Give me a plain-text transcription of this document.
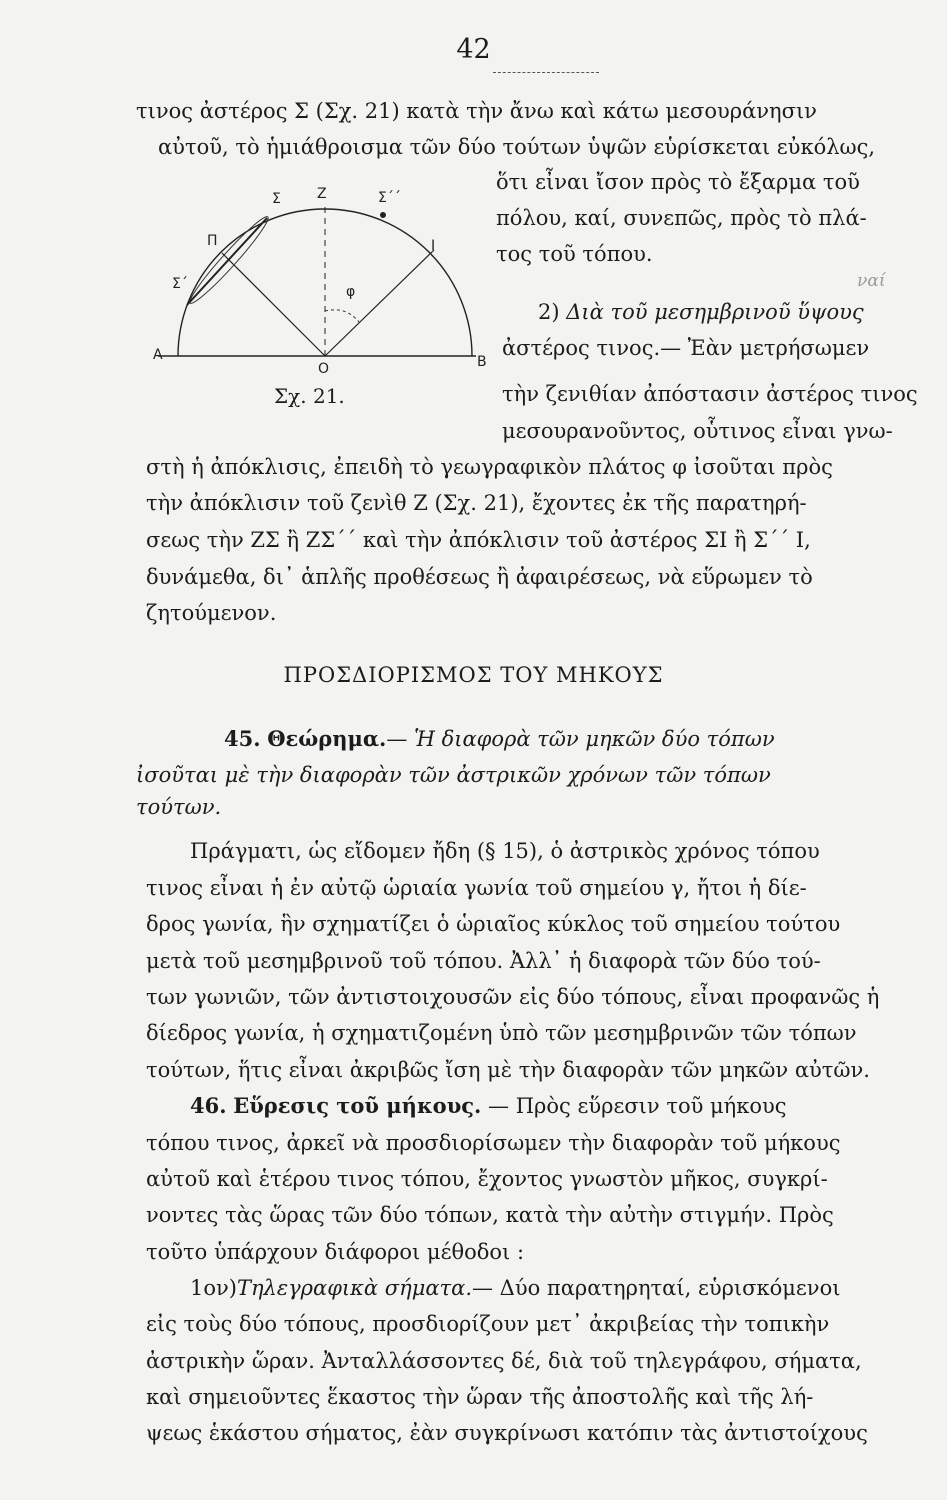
42
τινος ἀστέρος Σ (Σχ. 21) κατὰ τὴν ἄνω καὶ κάτω μεσουράνησιν
αὐτοῦ, τὸ ἡμιάθροισμα τῶν δύο τούτων ὑψῶν εὑρίσκεται εὐκόλως,
Σ	Ζ	Σ΄΄
Π	Ι
Σ΄	φ
Α
Ο	Β
Σχ. 21.
ὅτι εἶναι ἴσον πρὸς τὸ ἔξαρμα τοῦ
πόλου, καί, συνεπῶς, πρὸς τὸ πλά-
τος τοῦ τόπου.
ναί
2) Διὰ τοῦ μεσημβρινοῦ ὕψους
ἀστέρος τινος.— Ἐὰν μετρήσωμεν
τὴν ζενιθίαν ἀπόστασιν ἀστέρος τινος
μεσουρανοῦντος, οὗτινος εἶναι γνω-
στὴ ἡ ἀπόκλισις, ἐπειδὴ τὸ γεωγραφικὸν πλάτος φ ἰσοῦται πρὸς
τὴν ἀπόκλισιν τοῦ ζενὶθ Ζ (Σχ. 21), ἔχοντες ἐκ τῆς παρατηρή-
σεως τὴν ΖΣ ἢ ΖΣ΄΄ καὶ τὴν ἀπόκλισιν τοῦ ἀστέρος ΣΙ ἢ Σ΄΄ Ι,
δυνάμεθα, δι᾽ ἁπλῆς προθέσεως ἢ ἀφαιρέσεως, νὰ εὕρωμεν τὸ
ζητούμενον.
ΠΡΟΣΔΙΟΡΙΣΜΟΣ ΤΟΥ ΜΗΚΟΥΣ
45. Θεώρημα.— Ἡ διαφορὰ τῶν μηκῶν δύο τόπων
ἰσοῦται μὲ τὴν διαφορὰν τῶν ἀστρικῶν χρόνων τῶν τόπων
τούτων.
Πράγματι, ὡς εἴδομεν ἤδη (§ 15), ὁ ἀστρικὸς χρόνος τόπου
τινος εἶναι ἡ ἐν αὐτῷ ὡριαία γωνία τοῦ σημείου γ, ἤτοι ἡ δίε-
δρος γωνία, ἣν σχηματίζει ὁ ὡριαῖος κύκλος τοῦ σημείου τούτου
μετὰ τοῦ μεσημβρινοῦ τοῦ τόπου. Ἀλλ᾽ ἡ διαφορὰ τῶν δύο τού-
των γωνιῶν, τῶν ἀντιστοιχουσῶν εἰς δύο τόπους, εἶναι προφανῶς ἡ
δίεδρος γωνία, ἡ σχηματιζομένη ὑπὸ τῶν μεσημβρινῶν τῶν τόπων
τούτων, ἥτις εἶναι ἀκριβῶς ἴση μὲ τὴν διαφορὰν τῶν μηκῶν αὐτῶν.
46. Εὕρεσις τοῦ μήκους. — Πρὸς εὕρεσιν τοῦ μήκους
τόπου τινος, ἀρκεῖ νὰ προσδιορίσωμεν τὴν διαφορὰν τοῦ μήκους
αὐτοῦ καὶ ἑτέρου τινος τόπου, ἔχοντος γνωστὸν μῆκος, συγκρί-
νοντες τὰς ὥρας τῶν δύο τόπων, κατὰ τὴν αὐτὴν στιγμήν. Πρὸς
τοῦτο ὑπάρχουν διάφοροι μέθοδοι :
1ον)Τηλεγραφικὰ σήματα.— Δύο παρατηρηταί, εὑρισκόμενοι
εἰς τοὺς δύο τόπους, προσδιορίζουν μετ᾽ ἀκριβείας τὴν τοπικὴν
ἀστρικὴν ὥραν. Ἀνταλλάσσοντες δέ, διὰ τοῦ τηλεγράφου, σήματα,
καὶ σημειοῦντες ἕκαστος τὴν ὥραν τῆς ἀποστολῆς καὶ τῆς λή-
ψεως ἑκάστου σήματος, ἐὰν συγκρίνωσι κατόπιν τὰς ἀντιστοίχους
